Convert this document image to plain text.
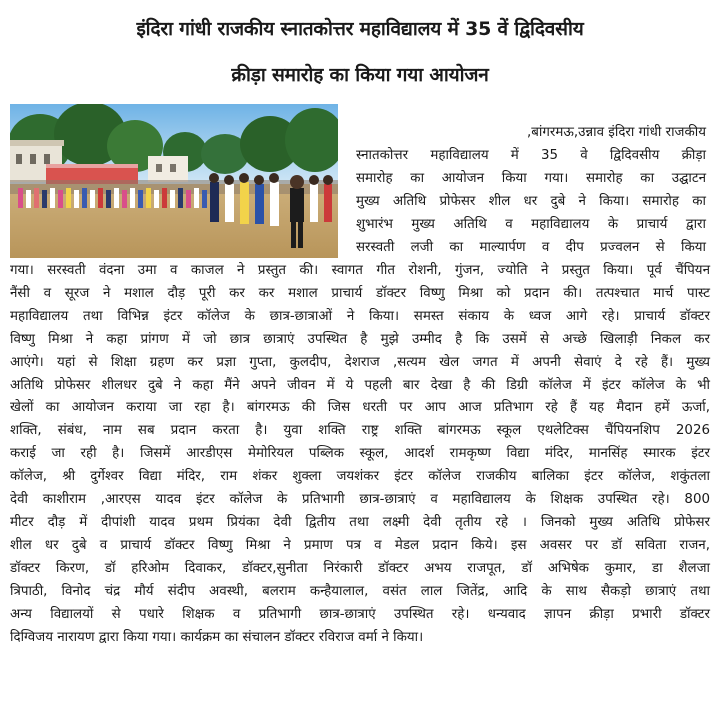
इंदिरा गांधी राजकीय स्नातकोत्तर महाविद्यालय में 35 वें द्विदिवसीय
क्रीड़ा समारोह का किया गया आयोजन
,बांगरमऊ,उन्नाव इंदिरा गांधी राजकीय
स्नातकोत्तर महाविद्यालय में 35 वे द्विदिवसीय क्रीड़ा
समारोह का आयोजन किया गया। समारोह का उद्घाटन
मुख्य अतिथि प्रोफेसर शील धर दुबे ने किया। समारोह का
शुभारंभ मुख्य अतिथि व महाविद्यालय के प्राचार्य द्वारा
सरस्वती लजी का माल्यार्पण व दीप प्रज्वलन से किया
गया। सरस्वती वंदना उमा व काजल ने प्रस्तुत की। स्वागत गीत रोशनी, गुंजन, ज्योति ने प्रस्तुत किया। पूर्व चैंपियन
नैंसी व सूरज ने मशाल दौड़ पूरी कर कर मशाल प्राचार्य डॉक्टर विष्णु मिश्रा को प्रदान की। तत्पश्चात मार्च पास्ट
महाविद्यालय तथा विभिन्न इंटर कॉलेज के छात्र-छात्राओं ने किया। समस्त संकाय के ध्वज आगे रहे। प्राचार्य डॉक्टर
विष्णु मिश्रा ने कहा प्रांगण में जो छात्र छात्राएं उपस्थित है मुझे उम्मीद है कि उसमें से अच्छे खिलाड़ी निकल कर
आएंगे। यहां से शिक्षा ग्रहण कर प्रज्ञा गुप्ता, कुलदीप, देशराज ,सत्यम खेल जगत में अपनी सेवाएं दे रहे हैं। मुख्य
अतिथि प्रोफेसर शीलधर दुबे ने कहा मैंने अपने जीवन में ये पहली बार देखा है की डिग्री कॉलेज में इंटर कॉलेज के भी
खेलों का आयोजन कराया जा रहा है। बांगरमऊ की जिस धरती पर आप आज प्रतिभाग रहे हैं यह मैदान हमें ऊर्जा,
शक्ति, संबंध, नाम सब प्रदान करता है। युवा शक्ति राष्ट्र शक्ति बांगरमऊ स्कूल एथलेटिक्स चैंपियनशिप 2026
कराई जा रही है। जिसमें आरडीएस मेमोरियल पब्लिक स्कूल, आदर्श रामकृष्ण विद्या मंदिर, मानसिंह स्मारक इंटर
कॉलेज, श्री दुर्गेश्वर विद्या मंदिर, राम शंकर शुक्ला जयशंकर इंटर कॉलेज राजकीय बालिका इंटर कॉलेज, शकुंतला
देवी काशीराम ,आरएस यादव इंटर कॉलेज के प्रतिभागी छात्र-छात्राएं व महाविद्यालय के शिक्षक उपस्थित रहे। 800
मीटर दौड़ में दीपांशी यादव प्रथम प्रियंका देवी द्वितीय तथा लक्ष्मी देवी तृतीय रहे । जिनको मुख्य अतिथि प्रोफेसर
शील धर दुबे व प्राचार्य डॉक्टर विष्णु मिश्रा ने प्रमाण पत्र व मेडल प्रदान किये। इस अवसर पर डॉ सविता राजन,
डॉक्टर किरण, डॉ हरिओम दिवाकर, डॉक्टर,सुनीता निरंकारी डॉक्टर अभय राजपूत, डॉ अभिषेक कुमार, डा शैलजा
त्रिपाठी, विनोद चंद्र मौर्य संदीप अवस्थी, बलराम कन्हैयालाल, वसंत लाल जितेंद्र, आदि के साथ सैकड़ो छात्राएं तथा
अन्य विद्यालयों से पधारे शिक्षक व प्रतिभागी छात्र-छात्राएं उपस्थित रहे। धन्यवाद ज्ञापन क्रीड़ा प्रभारी डॉक्टर
दिग्विजय नारायण द्वारा किया गया। कार्यक्रम का संचालन डॉक्टर रविराज वर्मा ने किया।
